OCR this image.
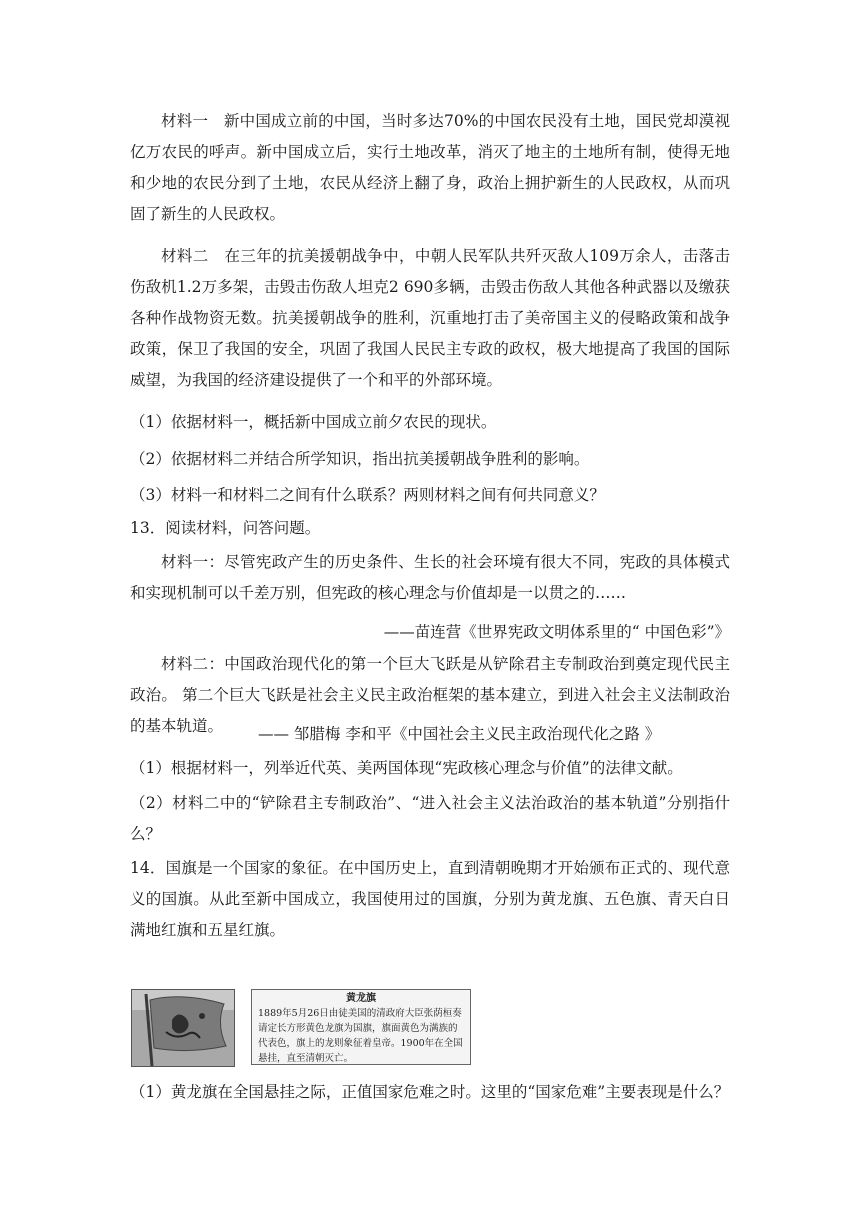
材料一　新中国成立前的中国，当时多达70%的中国农民没有土地，国民党却漠视亿万农民的呼声。新中国成立后，实行土地改革，消灭了地主的土地所有制，使得无地和少地的农民分到了土地，农民从经济上翻了身，政治上拥护新生的人民政权，从而巩固了新生的人民政权。

材料二　在三年的抗美援朝战争中，中朝人民军队共歼灭敌人109万余人，击落击伤敌机1.2万多架，击毁击伤敌人坦克2 690多辆，击毁击伤敌人其他各种武器以及缴获各种作战物资无数。抗美援朝战争的胜利，沉重地打击了美帝国主义的侵略政策和战争政策，保卫了我国的安全，巩固了我国人民民主专政的政权，极大地提高了我国的国际威望，为我国的经济建设提供了一个和平的外部环境。

（1）依据材料一，概括新中国成立前夕农民的现状。

（2）依据材料二并结合所学知识，指出抗美援朝战争胜利的影响。

（3）材料一和材料二之间有什么联系？两则材料之间有何共同意义？

13．阅读材料，问答问题。

材料一：尽管宪政产生的历史条件、生长的社会环境有很大不同，宪政的具体模式和实现机制可以千差万别，但宪政的核心理念与价值却是一以贯之的……

——苗连营《世界宪政文明体系里的“ 中国色彩”》

材料二：中国政治现代化的第一个巨大飞跃是从铲除君主专制政治到奠定现代民主政治。 第二个巨大飞跃是社会主义民主政治框架的基本建立，到进入社会主义法制政治的基本轨道。	—— 邹腊梅 李和平《中国社会主义民主政治现代化之路 》

（1）根据材料一，列举近代英、美两国体现“宪政核心理念与价值”的法律文献。

（2）材料二中的“铲除君主专制政治”、“进入社会主义法治政治的基本轨道”分别指什么？

14．国旗是一个国家的象征。在中国历史上，直到清朝晚期才开始颁布正式的、现代意义的国旗。从此至新中国成立，我国使用过的国旗，分别为黄龙旗、五色旗、青天白日满地红旗和五星红旗。

黄龙旗
1889年5月26日由徒美国的清政府大臣张荫桓奏请定长方形黄色龙旗为国旗，旗面黄色为满族的代表色，旗上的龙则象征着皇帝。1900年在全国悬挂，直至清朝灭亡。

（1）黄龙旗在全国悬挂之际，正值国家危难之时。这里的“国家危难”主要表现是什么？
